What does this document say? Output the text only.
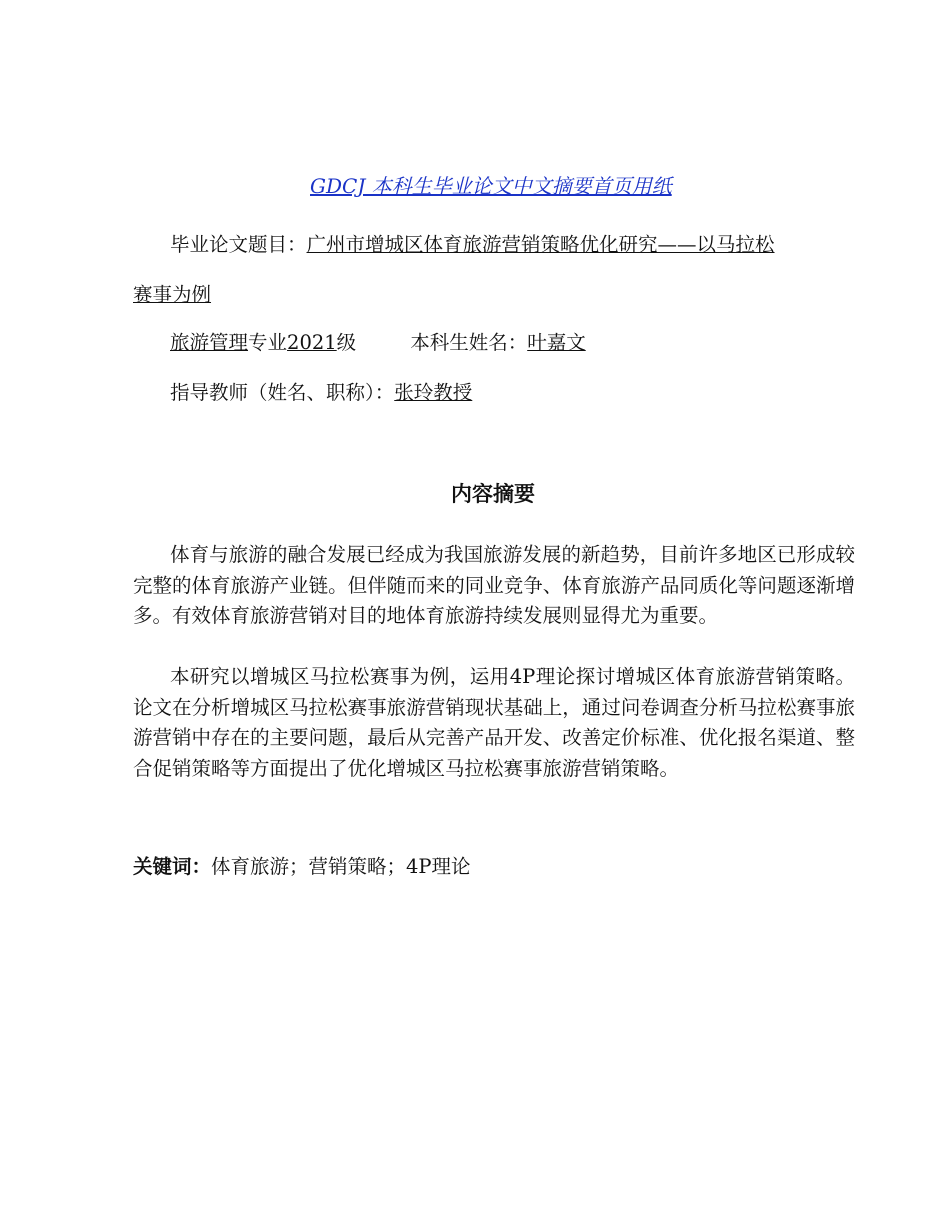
GDCJ 本科生毕业论文中文摘要首页用纸
毕业论文题目：广州市增城区体育旅游营销策略优化研究——以马拉松
赛事为例
旅游管理专业2021级	本科生姓名：叶嘉文
指导教师（姓名、职称）：张玲教授
内容摘要

体育与旅游的融合发展已经成为我国旅游发展的新趋势，目前许多地区已形成较完整的体育旅游产业链。但伴随而来的同业竞争、体育旅游产品同质化等问题逐渐增多。有效体育旅游营销对目的地体育旅游持续发展则显得尤为重要。

本研究以增城区马拉松赛事为例，运用4P理论探讨增城区体育旅游营销策略。论文在分析增城区马拉松赛事旅游营销现状基础上，通过问卷调查分析马拉松赛事旅游营销中存在的主要问题，最后从完善产品开发、改善定价标准、优化报名渠道、整合促销策略等方面提出了优化增城区马拉松赛事旅游营销策略。

关键词：体育旅游；营销策略；4P理论
